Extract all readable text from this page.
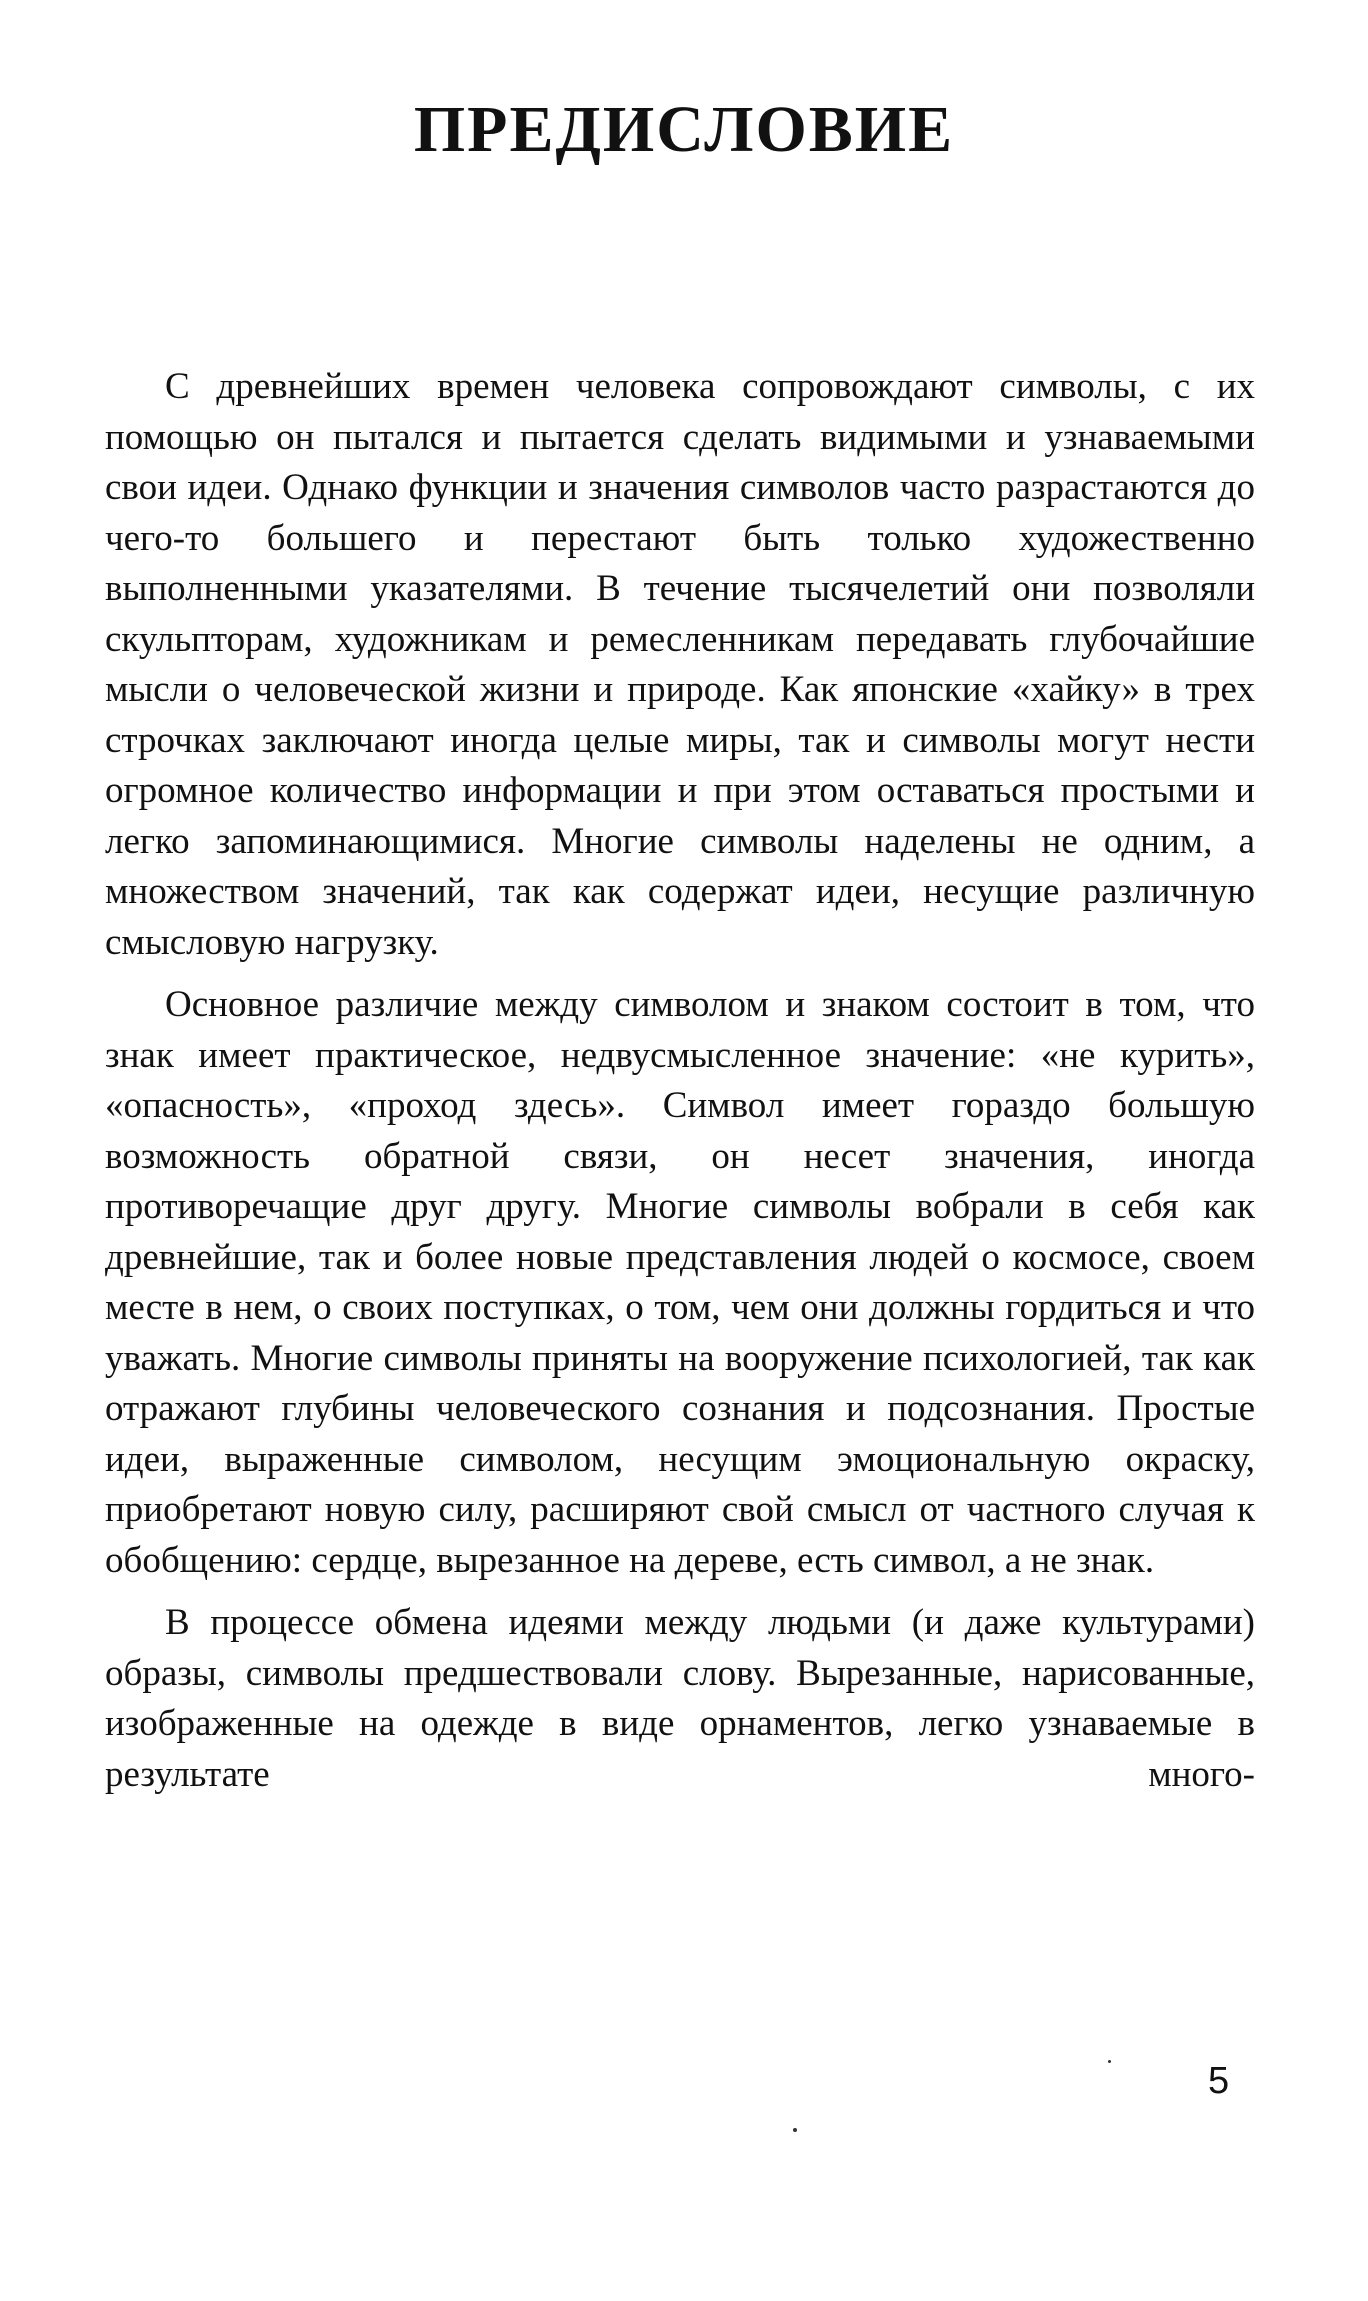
ПРЕДИСЛОВИЕ

С древнейших времен человека сопровождают символы, с их помощью он пытался и пытается сделать видимыми и узнаваемыми свои идеи. Однако функции и значения символов часто разрастаются до чего-то большего и перестают быть только художественно выполненными указателями. В течение тысячелетий они позволяли скульпторам, художникам и ремесленникам передавать глубочайшие мысли о человеческой жизни и природе. Как японские «хайку» в трех строчках заключают иногда целые миры, так и символы могут нести огромное количество информации и при этом оставаться простыми и легко запоминающимися. Многие символы наделены не одним, а множеством значений, так как содержат идеи, несущие различную смысловую нагрузку.

Основное различие между символом и знаком состоит в том, что знак имеет практическое, недвусмысленное значение: «не курить», «опасность», «проход здесь». Символ имеет гораздо большую возможность обратной связи, он несет значения, иногда противоречащие друг другу. Многие символы вобрали в себя как древнейшие, так и более новые представления людей о космосе, своем месте в нем, о своих поступках, о том, чем они должны гордиться и что уважать. Многие символы приняты на вооружение психологией, так как отражают глубины человеческого сознания и подсознания. Простые идеи, выраженные символом, несущим эмоциональную окраску, приобретают новую силу, расширяют свой смысл от частного случая к обобщению: сердце, вырезанное на дереве, есть символ, а не знак.

В процессе обмена идеями между людьми (и даже культурами) образы, символы предшествовали слову. Вырезанные, нарисованные, изображенные на одежде в виде орнаментов, легко узнаваемые в результате много-

5
